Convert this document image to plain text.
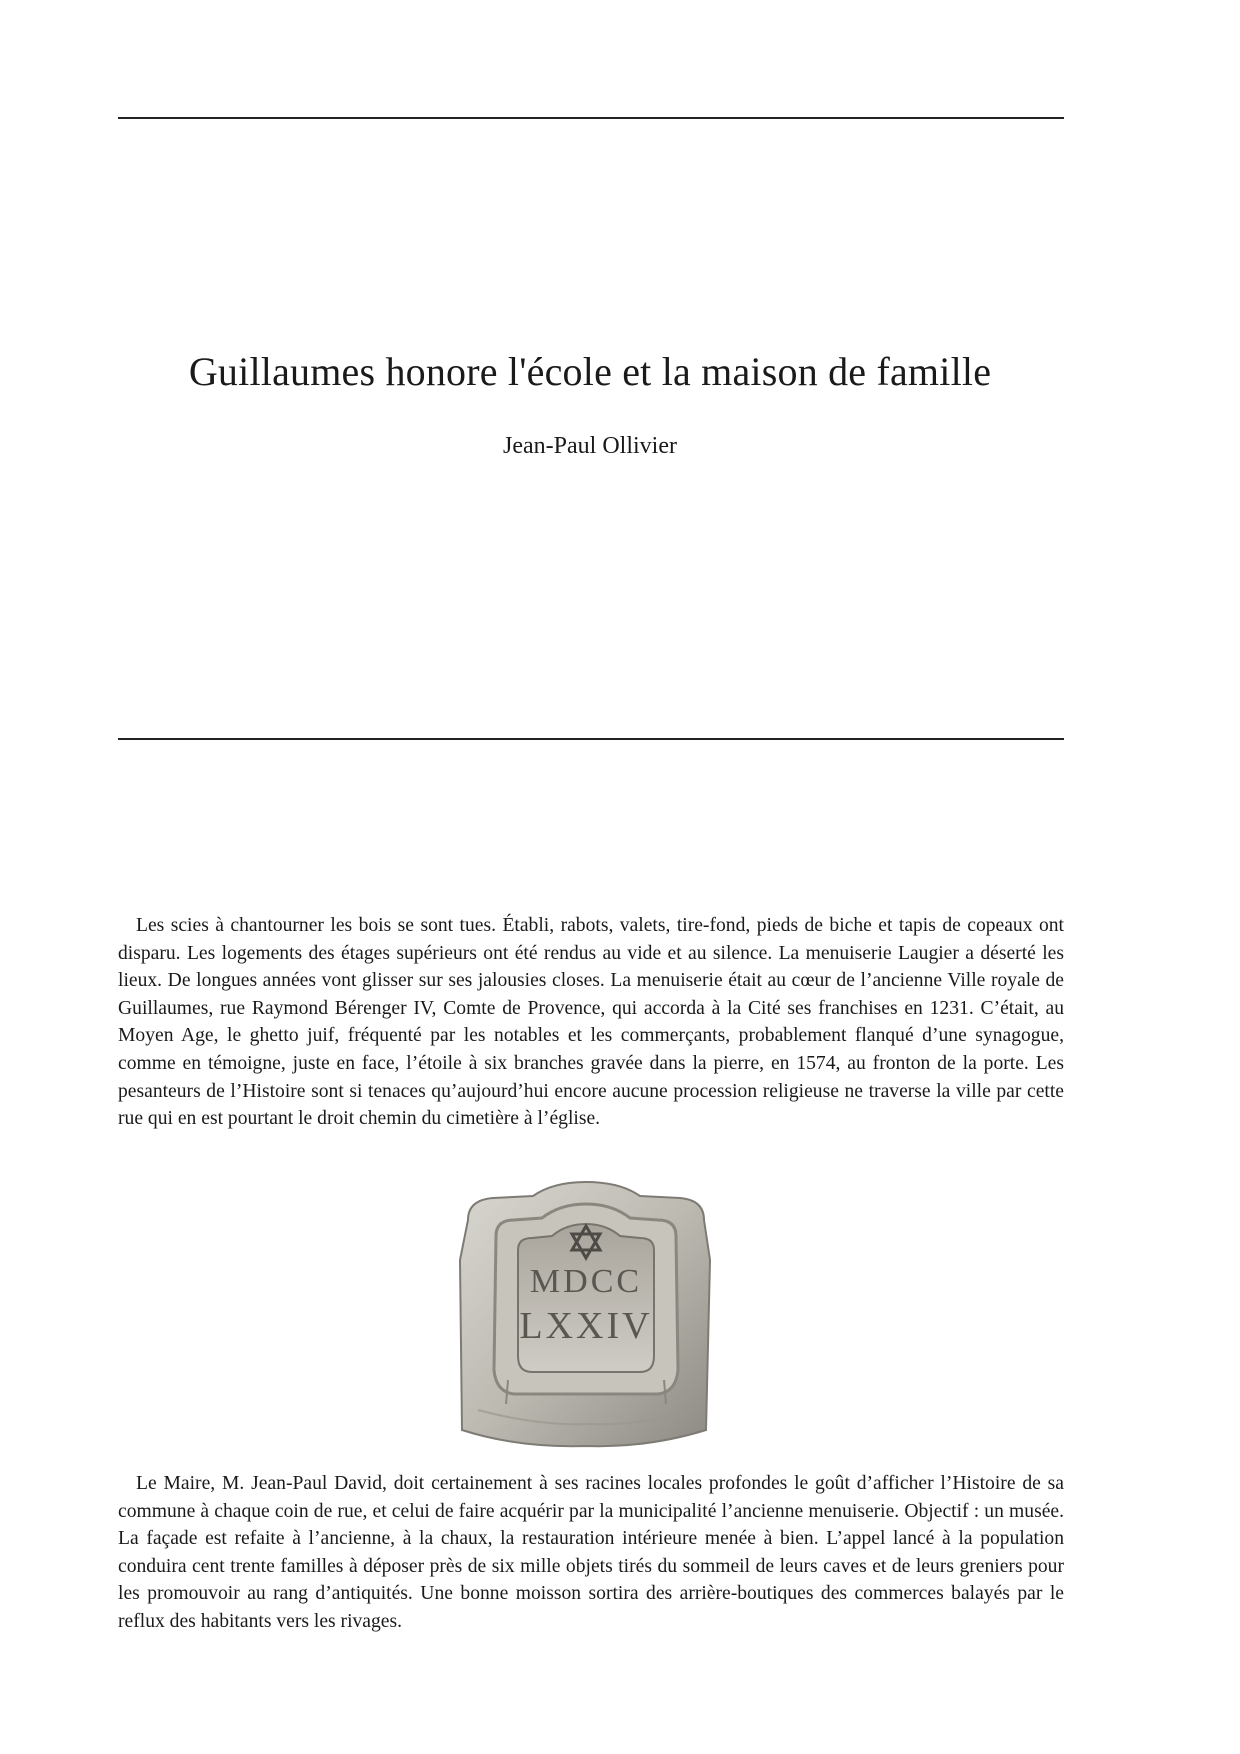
Guillaumes honore l'école et la maison de famille
Jean-Paul Ollivier

Les scies à chantourner les bois se sont tues. Établi, rabots, valets, tire-fond, pieds de biche et tapis de copeaux ont disparu. Les logements des étages supérieurs ont été rendus au vide et au silence. La menuiserie Laugier a déserté les lieux. De longues années vont glisser sur ses jalousies closes. La menuiserie était au cœur de l’ancienne Ville royale de Guillaumes, rue Raymond Bérenger IV, Comte de Provence, qui accorda à la Cité ses franchises en 1231. C’était, au Moyen Age, le ghetto juif, fréquenté par les notables et les commerçants, probablement flanqué d’une synagogue, comme en témoigne, juste en face, l’étoile à six branches gravée dans la pierre, en 1574, au fronton de la porte. Les pesanteurs de l’Histoire sont si tenaces qu’aujourd’hui encore aucune procession religieuse ne traverse la ville par cette rue qui en est pourtant le droit chemin du cimetière à l’église.

MDCC
LXXIV

Le Maire, M. Jean-Paul David, doit certainement à ses racines locales profondes le goût d’afficher l’Histoire de sa commune à chaque coin de rue, et celui de faire acquérir par la municipalité l’ancienne menuiserie. Objectif : un musée. La façade est refaite à l’ancienne, à la chaux, la restauration intérieure menée à bien. L’appel lancé à la population conduira cent trente familles à déposer près de six mille objets tirés du sommeil de leurs caves et de leurs greniers pour les promouvoir au rang d’antiquités. Une bonne moisson sortira des arrière-boutiques des commerces balayés par le reflux des habitants vers les rivages.
